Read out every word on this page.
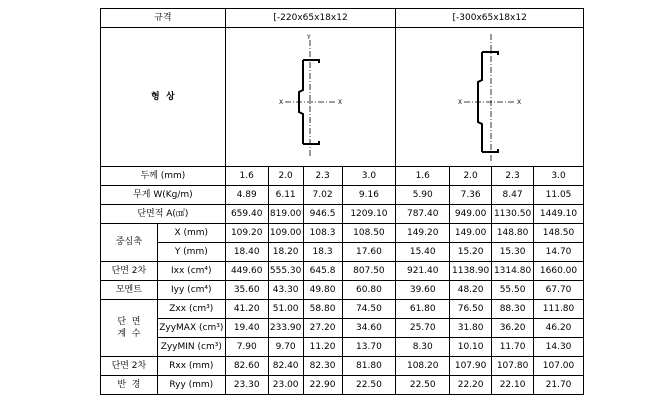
규격		[-220x65x18x12				[-300x65x18x12			
형  상		Y
X X				X X			

두께 (mm)		1.6	2.0	2.3	3.0	1.6	2.0	2.3	3.0
무게 W(Kg/m)		4.89	6.11	7.02	9.16	5.90	7.36	8.47	11.05
단면적 A(㎠)		659.40	819.00	946.5	1209.10	787.40	949.00	1130.50	1449.10
중심축	X (mm)	109.20	109.00	108.3	108.50	149.20	149.00	148.80	148.50
	Y (mm)	18.40	18.20	18.3	17.60	15.40	15.20	15.30	14.70
단면 2차	Ixx (cm⁴)	449.60	555.30	645.8	807.50	921.40	1138.90	1314.80	1660.00
모멘트	Iyy (cm⁴)	35.60	43.30	49.80	60.80	39.60	48.20	55.50	67.70

단  면
계  수	Zxx (cm³)	41.20	51.00	58.80	74.50	61.80	76.50	88.30	111.80
	ZyyMAX (cm³)	19.40	233.90	27.20	34.60	25.70	31.80	36.20	46.20
	ZyyMIN (cm³)	7.90	9.70	11.20	13.70	8.30	10.10	11.70	14.30
단면 2차	Rxx (mm)	82.60	82.40	82.30	81.80	108.20	107.90	107.80	107.00
반  경	Ryy (mm)	23.30	23.00	22.90	22.50	22.50	22.20	22.10	21.70
